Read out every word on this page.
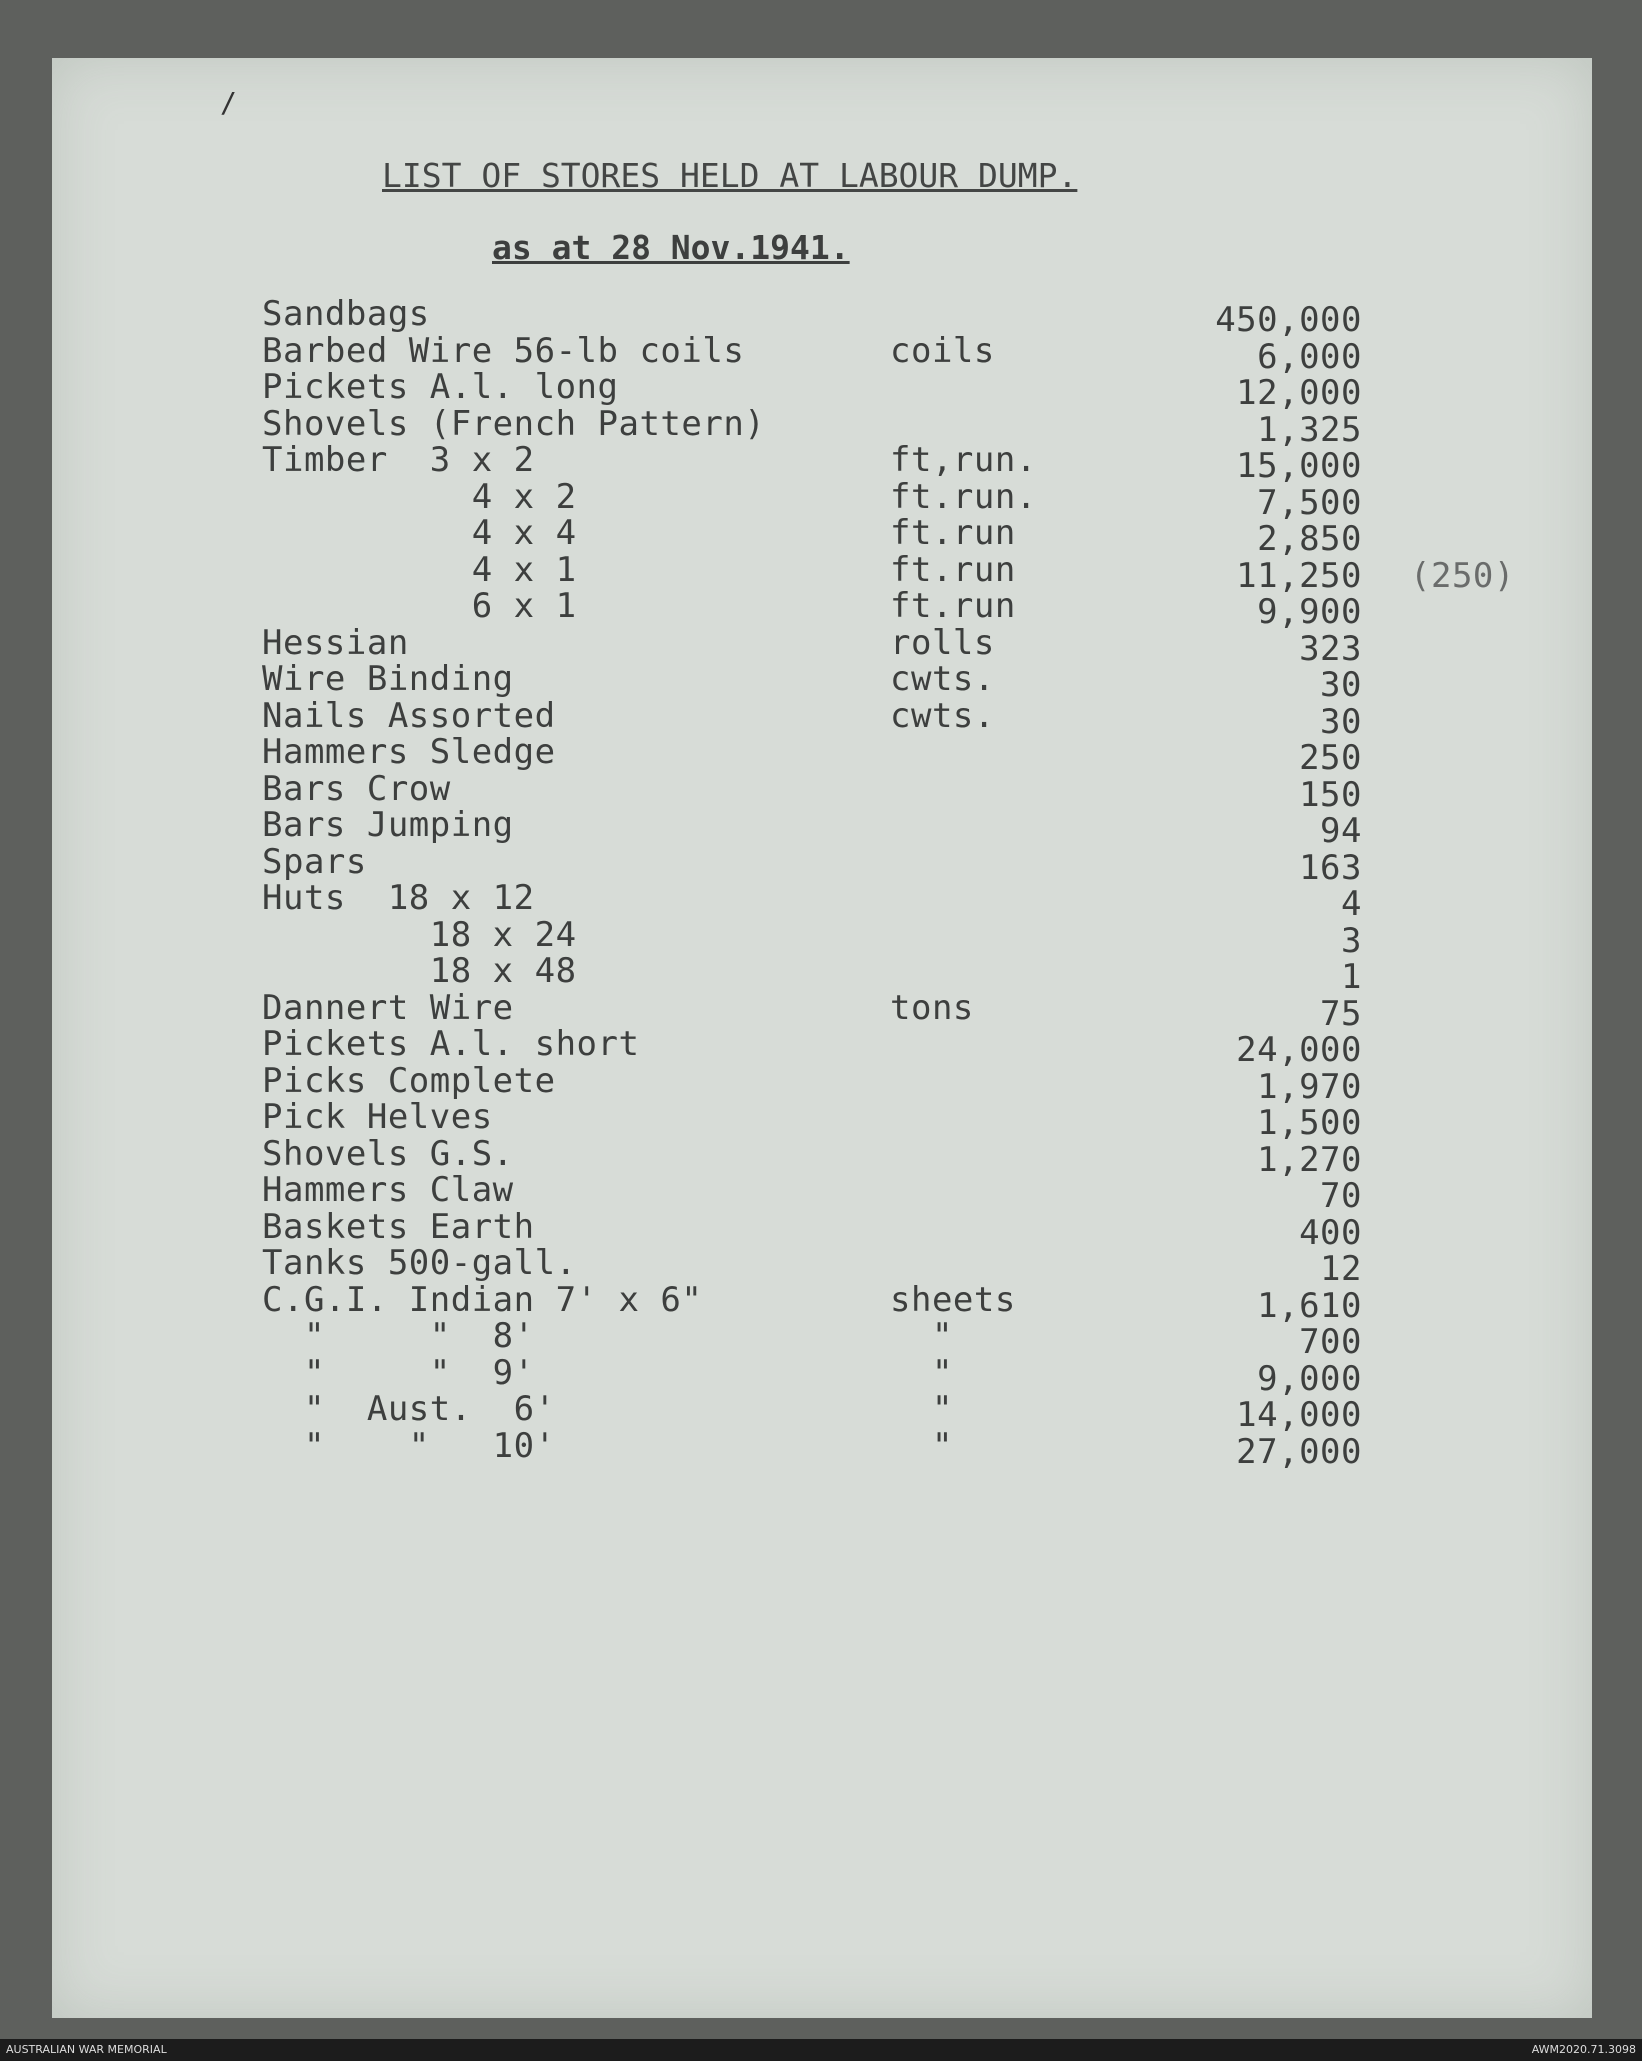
/
LIST OF STORES HELD AT LABOUR DUMP.
as at 28 Nov.1941.
Sandbags	450,000
Barbed Wire 56-lb coils	coils	6,000
Pickets A.l. long	12,000
Shovels (French Pattern)	1,325
Timber  3 x 2	ft,run.	15,000
4 x 2	ft.run.	7,500
4 x 4	ft.run	2,850
4 x 1	ft.run	11,250 (250)
6 x 1	ft.run	9,900
Hessian	rolls	323
Wire Binding	cwts.	30
Nails Assorted	cwts.	30
Hammers Sledge	250
Bars Crow	150
Bars Jumping	94
Spars	163
Huts  18 x 12	4
18 x 24	3
18 x 48	1
Dannert Wire	tons	75
Pickets A.l. short	24,000
Picks Complete	1,970
Pick Helves	1,500
Shovels G.S.	1,270
Hammers Claw	70
Baskets Earth	400
Tanks 500-gall.	12
C.G.I. Indian 7' x 6"	sheets	1,610
"     "  8'	"	700
"     "  9'	"	9,000
"  Aust.  6'	"	14,000
"    "   10'	"	27,000
AUSTRALIAN WAR MEMORIAL	AWM2020.71.3098
